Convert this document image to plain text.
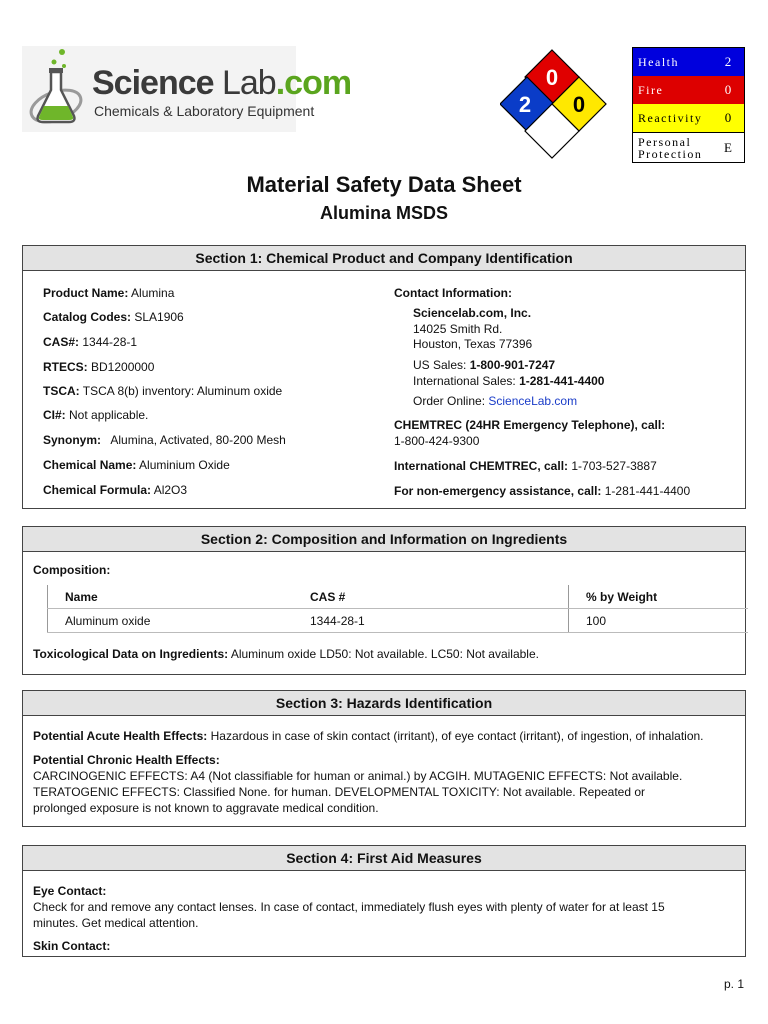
Science Lab.com
Chemicals & Laboratory Equipment
0
2 0
Health	2
Fire	0
Reactivity	0
Personal
Protection	E
Material Safety Data Sheet
Alumina MSDS
Section 1: Chemical Product and Company Identification
Product Name: Alumina
Catalog Codes: SLA1906
CAS#: 1344-28-1
RTECS: BD1200000
TSCA: TSCA 8(b) inventory: Aluminum oxide
CI#: Not applicable.
Synonym:   Alumina, Activated, 80-200 Mesh
Chemical Name: Aluminium Oxide
Chemical Formula: Al2O3
Contact Information:
Sciencelab.com, Inc.
14025 Smith Rd.
Houston, Texas 77396
US Sales: 1-800-901-7247
International Sales: 1-281-441-4400
Order Online: ScienceLab.com
CHEMTREC (24HR Emergency Telephone), call:
1-800-424-9300
International CHEMTREC, call: 1-703-527-3887
For non-emergency assistance, call: 1-281-441-4400
Section 2: Composition and Information on Ingredients
Composition:
Name	CAS #	% by Weight
Aluminum oxide	1344-28-1	100
Toxicological Data on Ingredients: Aluminum oxide LD50: Not available. LC50: Not available.
Section 3: Hazards Identification
Potential Acute Health Effects: Hazardous in case of skin contact (irritant), of eye contact (irritant), of ingestion, of inhalation.
Potential Chronic Health Effects:
CARCINOGENIC EFFECTS: A4 (Not classifiable for human or animal.) by ACGIH. MUTAGENIC EFFECTS: Not available.
TERATOGENIC EFFECTS: Classified None. for human. DEVELOPMENTAL TOXICITY: Not available. Repeated or
prolonged exposure is not known to aggravate medical condition.
Section 4: First Aid Measures
Eye Contact:
Check for and remove any contact lenses. In case of contact, immediately flush eyes with plenty of water for at least 15
minutes. Get medical attention.
Skin Contact:
p. 1
